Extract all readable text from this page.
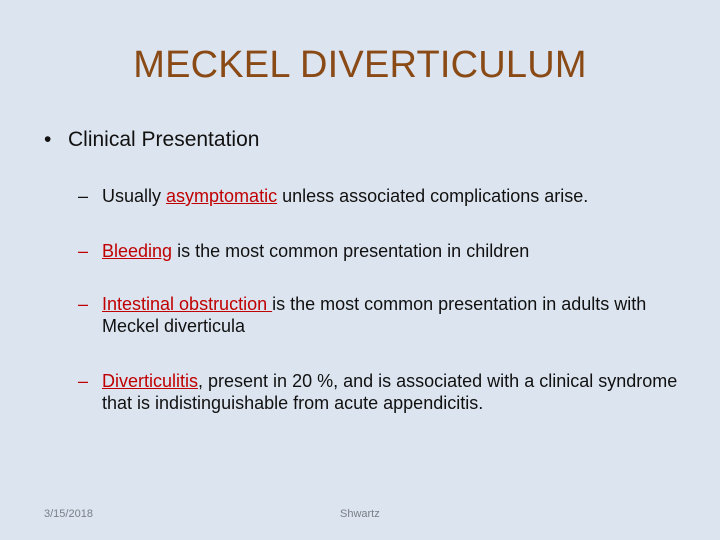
MECKEL DIVERTICULUM
• Clinical Presentation
– Usually asymptomatic unless associated complications arise.
– Bleeding is the most common presentation in children
– Intestinal obstruction is the most common presentation in adults with Meckel diverticula
– Diverticulitis, present in 20 %, and is associated with a clinical syndrome that is indistinguishable from acute appendicitis.
3/15/2018	Shwartz
